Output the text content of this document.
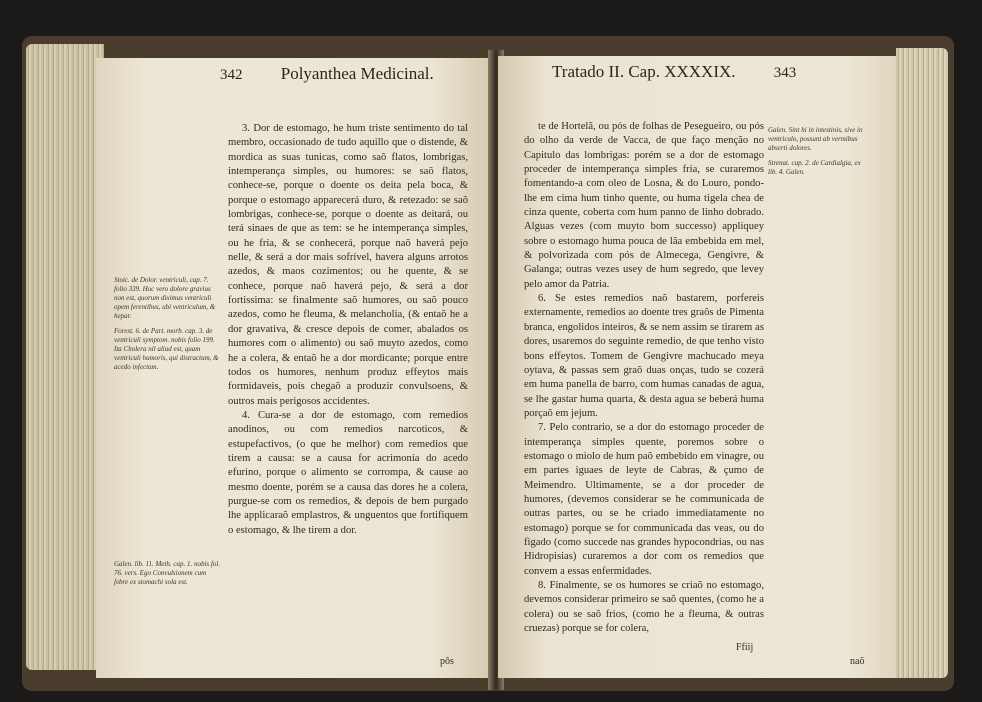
342 Polyanthea Medicinal.
Stoic. de Dolor. ventriculi, cap. 7. folio 339. Hoc vero dolore gravius non est, quorum diximus ventriculi opem ferentibus, ubi ventriculum, & hepar.
Forest. 6. de Part. morb. cap. 3. de ventriculi symptom. nobis folio 199. Ita Cholera nil aliud est, quam ventriculi humoris, qui distractum, & acedo infectum.
Galen. lib. 11. Meth. cap. 1. nobis fol. 76. vers. Ego Convulsionem cum febre ex stomachi sola est.

3. Dor de estomago, he hum triste sentimento do tal membro, occasionado de tudo aquillo que o distende, & mordica as suas tunicas, como saõ flatos, lombrigas, intemperança simples, ou humores: se saõ flatos, conhece-se, porque o doente os deita pela boca, & porque o estomago apparecerá duro, & retezado: se saõ lombrigas, conhece-se, porque o doente as deitará, ou terá sinaes de que as tem: se he intemperança simples, ou he fria, & se conhecerá, porque naõ haverá pejo nelle, & será a dor mais sofrível, havera alguns arrotos azedos, & maos cozimentos; ou he quente, & se conhece, porque naõ haverá pejo, & será a dor fortissima: se finalmente saõ humores, ou saõ pouco azedos, como he fleuma, & melancholia, (& entaõ he a dor gravativa, & cresce depois de comer, abalados os humores com o alimento) ou saõ muyto azedos, como he a colera, & entaõ he a dor mordicante; porque entre todos os humores, nenhum produz effeytos mais formidaveis, pois chegaõ a produzir convulsoens, & outros mais perigosos accidentes.

4. Cura-se a dor de estomago, com remedios anodinos, ou com remedios narcoticos, & estupefactivos, (o que he melhor) com remedios que tirem a causa: se a causa for acrimonia do acedo efurino, porque o alimento se corrompa, & cause ao mesmo doente, porém se a causa das dores he a colera, purgue-se com os remedios, & depois de bem purgado lhe applicaraõ emplastros, & unguentos que fortifiquem o estomago, & lhe tirem a dor.

pôs
Tratado II. Cap. XXXXIX.	343

te de Hortelã, ou pós de folhas de Pesegueiro, ou pós do olho da verde de Vacca, de que faço menção no Capitulo das lombrigas: porém se a dor de estomago proceder de intemperança simples fria, se curaremos fomentando-a com oleo de Losna, & do Louro, pondo-lhe em cima hum tinho quente, ou huma tigela chea de cinza quente, coberta com hum panno de linho dobrado. Alguas vezes (com muyto bom successo) appliquey sobre o estomago huma pouca de lãa embebida em mel, & polvorizada com pós de Almecega, Gengivre, & Galanga; outras vezes usey de hum segredo, que levey pelo amor da Patria.

6. Se estes remedios naõ bastarem, porfereis externamente, remedios ao doente tres graõs de Pimenta branca, engolidos inteiros, & se nem assim se tirarem as dores, usaremos do seguinte remedio, de que tenho visto bons effeytos. Tomem de Gengivre machucado meya oytava, & passas sem graõ duas onças, tudo se cozerá em huma panella de barro, com humas canadas de agua, se lhe gastar huma quarta, & desta agua se beberá huma porçaõ em jejum.

7. Pelo contrario, se a dor do estomago proceder de intemperança simples quente, poremos sobre o estomago o miolo de hum paõ embebido em vinagre, ou em partes iguaes de leyte de Cabras, & çumo de Meimendro. Ultimamente, se a dor proceder de humores, (devemos considerar se he communicada de outras partes, ou se he criado immediatamente no estomago) porque se for communicada das veas, ou do figado (como succede nas grandes hypocondrias, ou nas Hidropisias) curaremos a dor com os remedios que convem a essas enfermidades.

8. Finalmente, se os humores se criaõ no estomago, devemos considerar primeiro se saõ quentes, (como he a colera) ou se saõ frios, (como he a fleuma, & outras cruezas) porque se for colera,

Galen. Sint hi in intestinis, sive in ventriculo, possunt ab vermibus abserti dolores.
Strenat. cap. 2. de Cardialgia, ex lib. 4. Galen.
Ffiij
naõ
